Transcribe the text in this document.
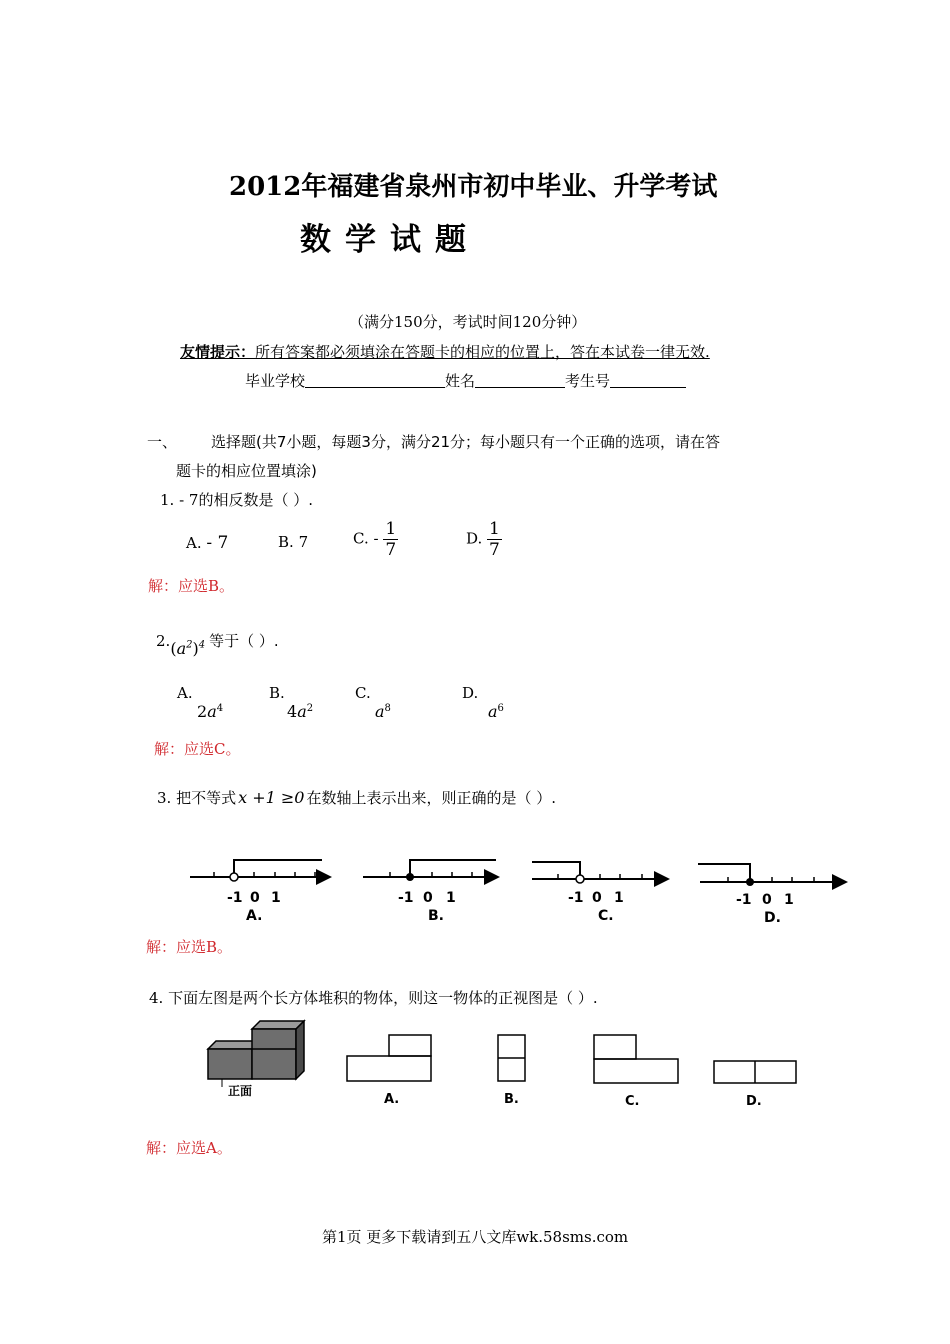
2012年福建省泉州市初中毕业、升学考试
数学试题
（满分150分，考试时间120分钟）
友情提示：所有答案都必须填涂在答题卡的相应的位置上，答在本试卷一律无效.
毕业学校	姓名	考生号
一、 选择题(共7小题，每题3分，满分21分；每小题只有一个正确的选项，请在答
题卡的相应位置填涂)
1. - 7的相反数是（ ）.
A. - 7	B. 7	C. - $\frac{1}{7}$	D. $\frac{1}{7}$
解：应选B。
$2.(a^2)^4$ 等于（ ）.
A.
$2a^4$
B.
$4a^2$
C.
$a^8$
D.
$a^6$
解：应选C。
3. 把不等式 x +1 ≥0 在数轴上表示出来，则正确的是（ ）.
-1 0 1
A.
-1 0 1
B.
-1 0 1
C.
-1 0 1
D.
解：应选B。
4. 下面左图是两个长方体堆积的物体，则这一物体的正视图是（ ）.
正面
A.	B.	C.	D.
解：应选A。
第1页 更多下载请到五八文库wk.58sms.com
